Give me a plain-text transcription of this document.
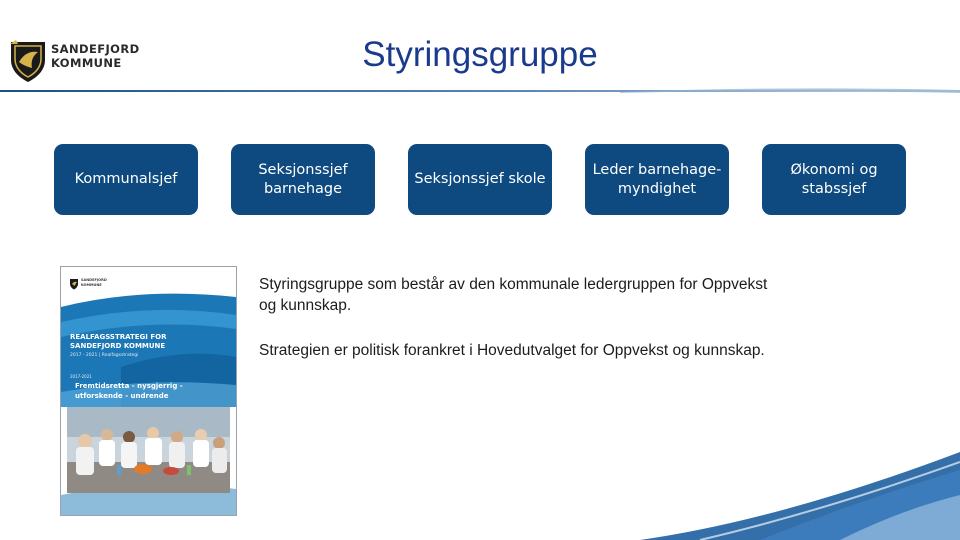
SANDEFJORD
KOMMUNE	Styringsgruppe
Kommunalsjef
Seksjonssjef barnehage
Seksjonssjef skole
Leder barnehage-myndighet
Økonomi og stabssjef
SANDEFJORD
KOMMUNE
REALFAGSSTRATEGI FOR SANDEFJORD KOMMUNE
2017 - 2021 | Realfagsstrategi
2017-2021
Fremtidsretta - nysgjerrig - utforskende - undrende
Styringsgruppe som består av den kommunale ledergruppen for Oppvekst og kunnskap.
Strategien er politisk forankret i Hovedutvalget for Oppvekst og kunnskap.
